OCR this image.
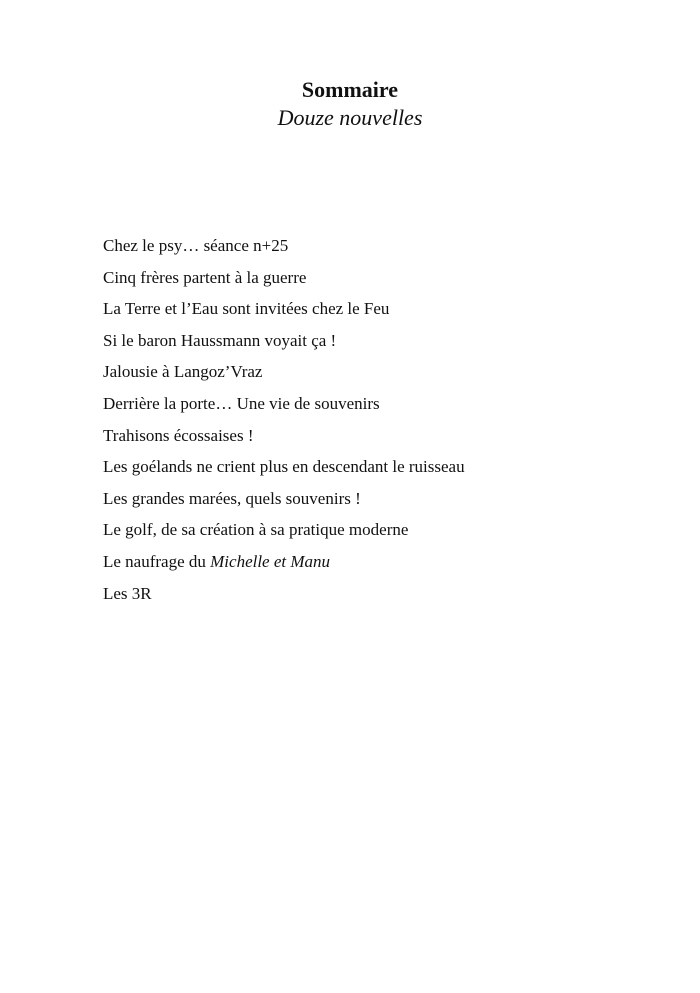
Sommaire

Douze nouvelles

Chez le psy… séance n+25
Cinq frères partent à la guerre
La Terre et l’Eau sont invitées chez le Feu
Si le baron Haussmann voyait ça !
Jalousie à Langoz’Vraz
Derrière la porte… Une vie de souvenirs
Trahisons écossaises !
Les goélands ne crient plus en descendant le ruisseau
Les grandes marées, quels souvenirs !
Le golf, de sa création à sa pratique moderne
Le naufrage du Michelle et Manu
Les 3R
